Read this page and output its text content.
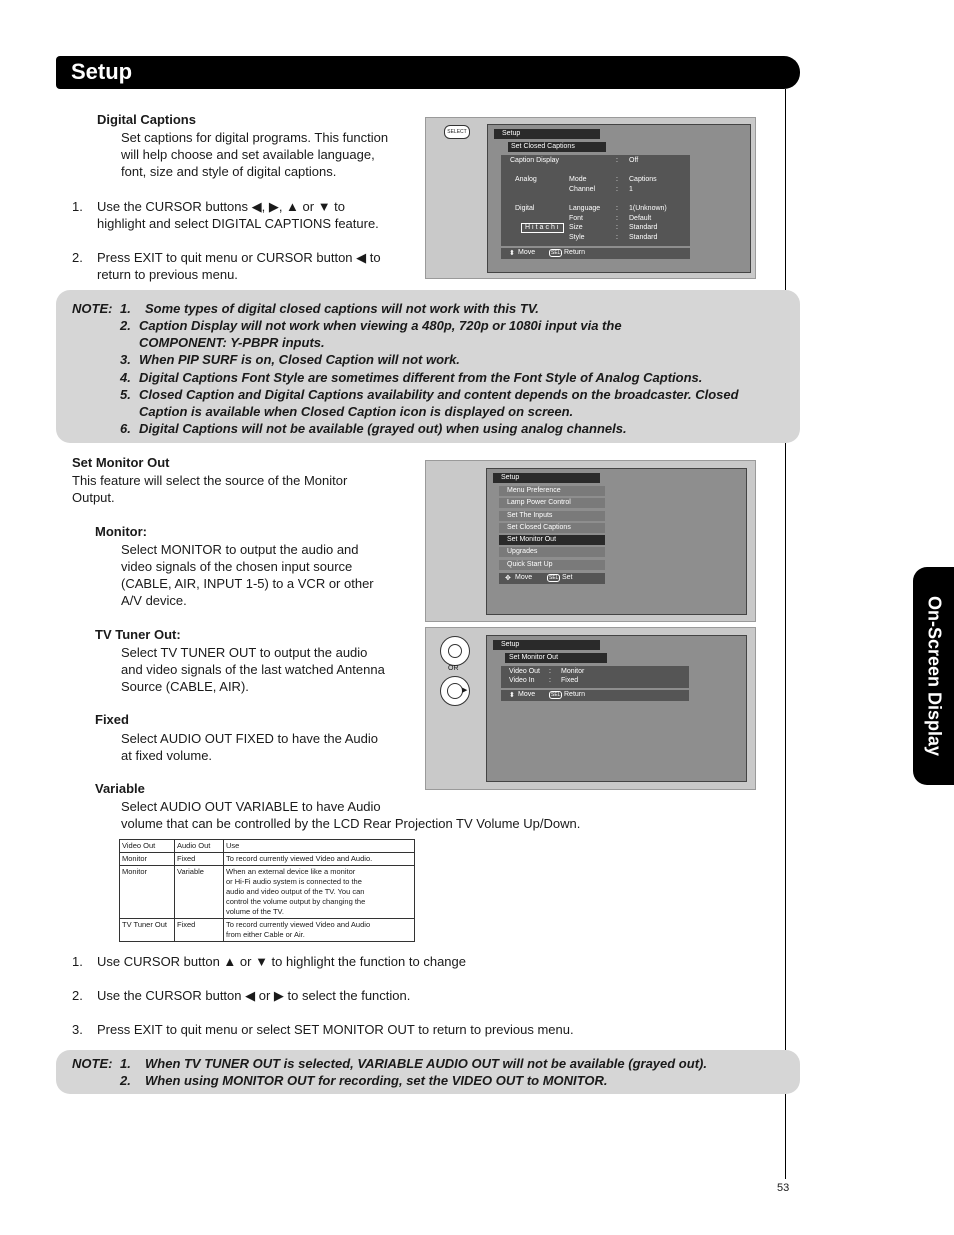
Setup
On-Screen Display
Digital Captions
Set captions for digital programs. This function
will help choose and set available language,
font, size and style of digital captions.
1. Use the CURSOR buttons ◀, ▶, ▲ or ▼ to
highlight and select DIGITAL CAPTIONS feature.
2. Press EXIT to quit menu or CURSOR button ◀ to
return to previous menu.
SELECT	Setup
Set Closed Captions
Caption Display	: Off
Analog	Mode	: Captions
Channel	: 1
Digital	Language : 1(Unknown)
Font	: Default
Hitachi	Size	: Standard
Style	: Standard
⬍ Move	SEL Return
NOTE: 1. Some types of digital closed captions will not work with this TV.
2. Caption Display will not work when viewing a 480p, 720p or 1080i input via the
COMPONENT: Y-PBPR inputs.
3. When PIP SURF is on, Closed Caption will not work.
4. Digital Captions Font Style are sometimes different from the Font Style of Analog Captions.
5. Closed Caption and Digital Captions availability and content depends on the broadcaster. Closed
Caption is available when Closed Caption icon is displayed on screen.
6. Digital Captions will not be available (grayed out) when using analog channels.
Set Monitor Out
This feature will select the source of the Monitor
Output.
Monitor:
Select MONITOR to output the audio and
video signals of the chosen input source
(CABLE, AIR, INPUT 1-5) to a VCR or other
A/V device.
TV Tuner Out:
Select TV TUNER OUT to output the audio
and video signals of the last watched Antenna
Source (CABLE, AIR).
Fixed
Select AUDIO OUT FIXED to have the Audio
at fixed volume.
Variable
Select AUDIO OUT VARIABLE to have Audio
volume that can be controlled by the LCD Rear Projection TV Volume Up/Down.
Setup
Menu Preference
Lamp Power Control
Set The Inputs
Set Closed Captions
Set Monitor Out
Upgrades
Quick Start Up
✥ Move	SEL Set
OR
▶
Setup
Set Monitor Out
Video Out : Monitor
Video In : Fixed
⬍ Move	SEL Return
Video Out	Audio Out	Use
Monitor	Fixed	To record currently viewed Video and Audio.

Monitor	Variable	When an external device like a monitor
or Hi-Fi audio system is connected to the
audio and video output of the TV. You can
control the volume output by changing the
volume of the TV.

TV Tuner Out	Fixed	To record currently viewed Video and Audio
from either Cable or Air.
1. Use CURSOR button ▲ or ▼ to highlight the function to change
2. Use the CURSOR button ◀ or ▶ to select the function.
3. Press EXIT to quit menu or select SET MONITOR OUT to return to previous menu.
NOTE: 1. When TV TUNER OUT is selected, VARIABLE AUDIO OUT will not be available (grayed out).
2. When using MONITOR OUT for recording, set the VIDEO OUT to MONITOR.
53
